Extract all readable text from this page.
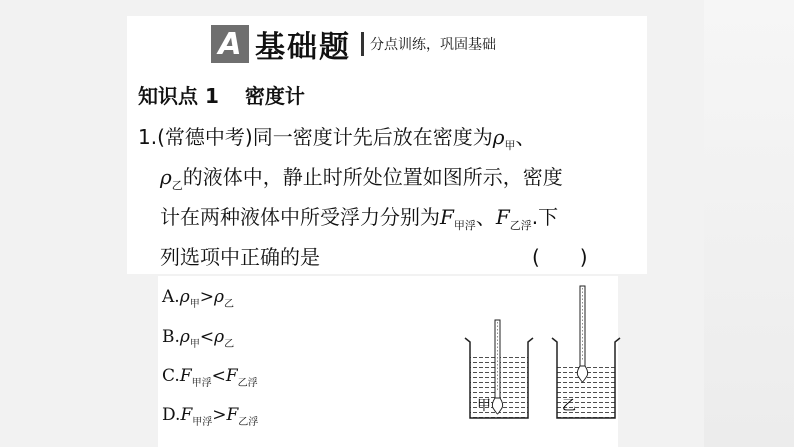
A 基础题 分点训练，巩固基础
知识点 1 密度计
1.(常德中考)同一密度计先后放在密度为$\rho_甲$、
$\rho_乙$的液体中，静止时所处位置如图所示，密度
计在两种液体中所受浮力分别为$F_{甲浮}$、$F_{乙浮}$.下
列选项中正确的是	(　　)
$A.\rho_甲>\rho_乙$
$B.\rho_甲<\rho_乙$
$C.F_{甲浮}<F_{乙浮}$
$D.F_{甲浮}>F_{乙浮}$
甲	乙
